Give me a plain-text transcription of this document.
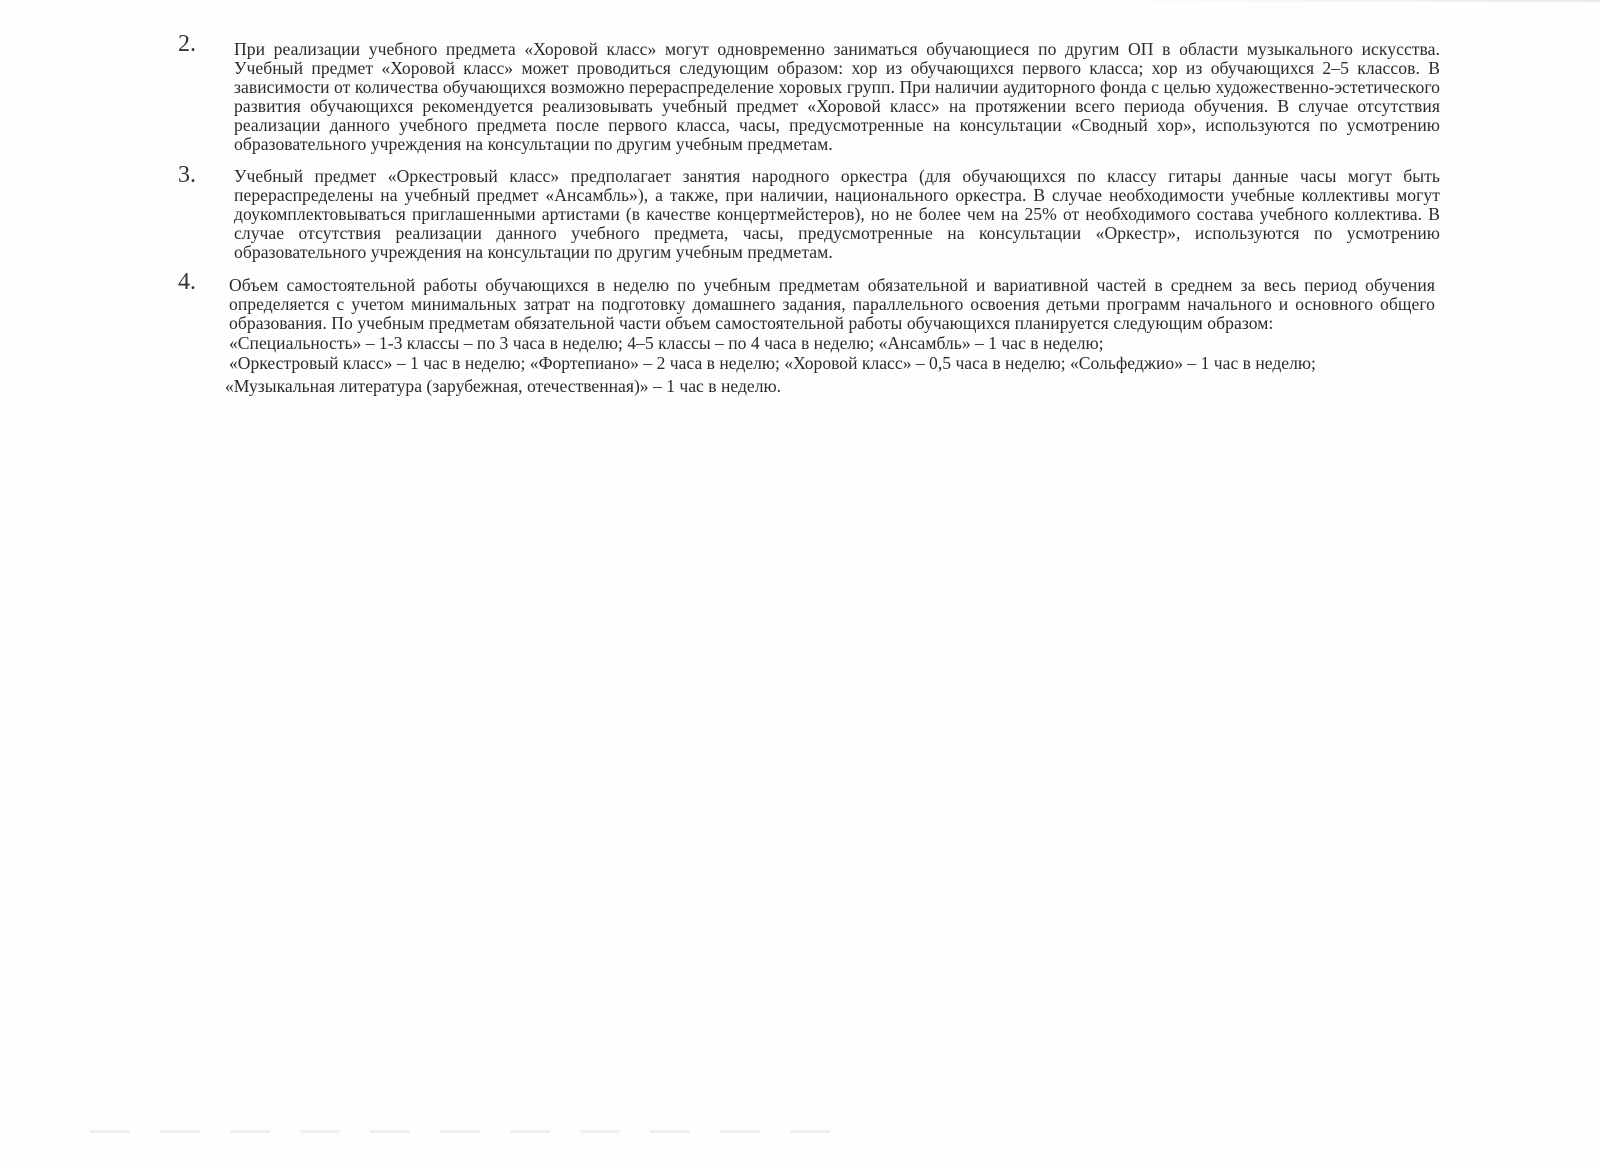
2. При реализации учебного предмета «Хоровой класс» могут одновременно заниматься обучающиеся по другим ОП в области музыкального искусства. Учебный предмет «Хоровой класс» может проводиться следующим образом: хор из обучающихся первого класса; хор из обучающихся 2–5 классов. В зависимости от количества обучающихся возможно перераспределение хоровых групп. При наличии аудиторного фонда с целью художественно-эстетического развития обучающихся рекомендуется реализовывать учебный предмет «Хоровой класс» на протяжении всего периода обучения. В случае отсутствия реализации данного учебного предмета после первого класса, часы, предусмотренные на консультации «Сводный хор», используются по усмотрению образовательного учреждения на консультации по другим учебным предметам.

3. Учебный предмет «Оркестровый класс» предполагает занятия народного оркестра (для обучающихся по классу гитары данные часы могут быть перераспределены на учебный предмет «Ансамбль»), а также, при наличии, национального оркестра. В случае необходимости учебные коллективы могут доукомплектовываться приглашенными артистами (в качестве концертмейстеров), но не более чем на 25% от необходимого состава учебного коллектива. В случае отсутствия реализации данного учебного предмета, часы, предусмотренные на консультации «Оркестр», используются по усмотрению образовательного учреждения на консультации по другим учебным предметам.

4. Объем самостоятельной работы обучающихся в неделю по учебным предметам обязательной и вариативной частей в среднем за весь период обучения определяется с учетом минимальных затрат на подготовку домашнего задания, параллельного освоения детьми программ начального и основного общего образования. По учебным предметам обязательной части объем самостоятельной работы обучающихся планируется следующим образом:

«Специальность» – 1-3 классы – по 3 часа в неделю; 4–5 классы – по 4 часа в неделю; «Ансамбль» – 1 час в неделю;

«Оркестровый класс» – 1 час в неделю; «Фортепиано» – 2 часа в неделю; «Хоровой класс» – 0,5 часа в неделю; «Сольфеджио» – 1 час в неделю;

«Музыкальная литература (зарубежная, отечественная)» – 1 час в неделю.
